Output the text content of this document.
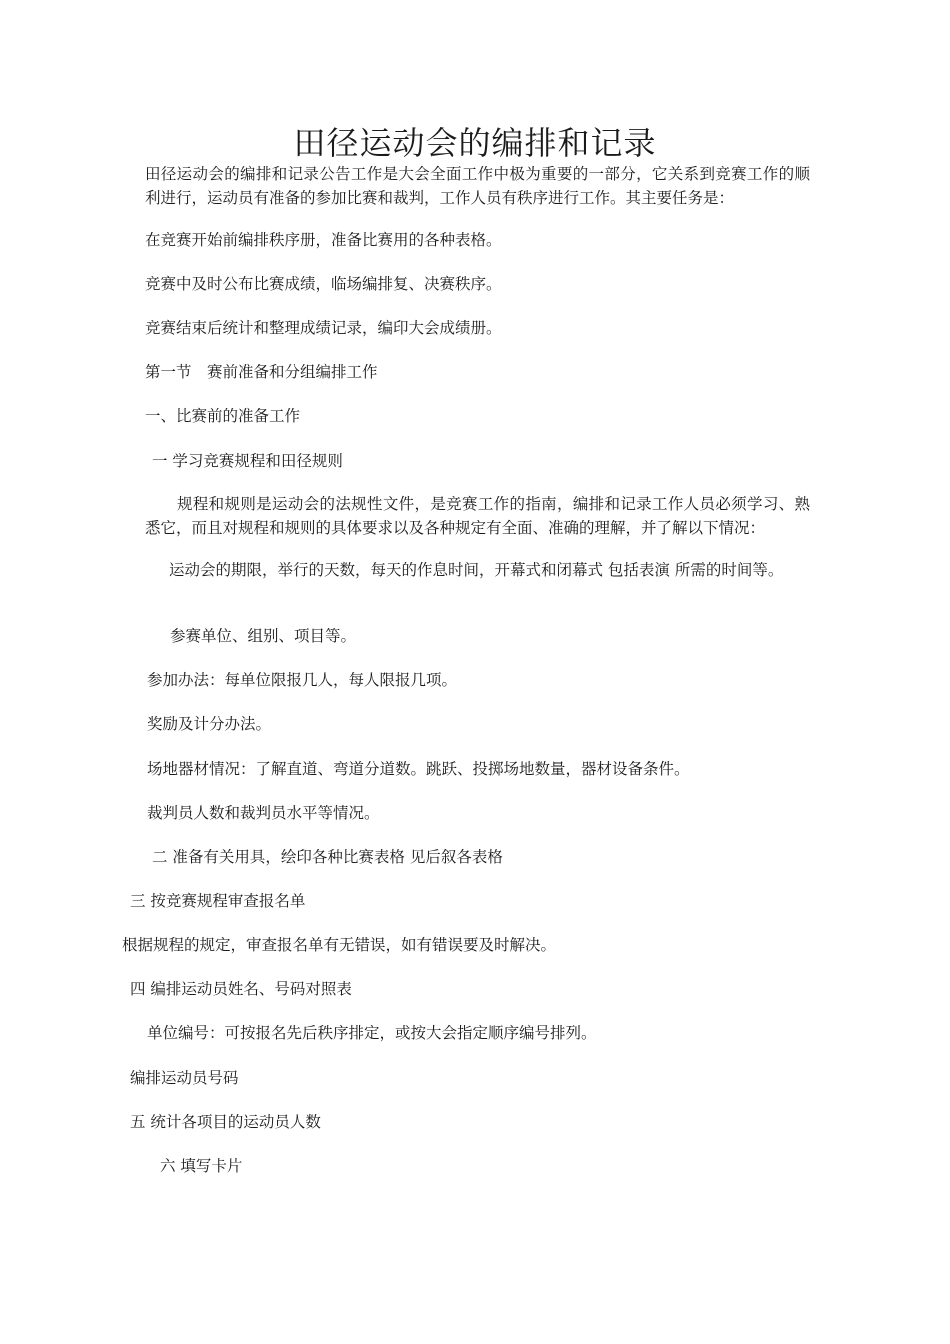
田径运动会的编排和记录

田径运动会的编排和记录公告工作是大会全面工作中极为重要的一部分，它关系到竞赛工作的顺利进行，运动员有准备的参加比赛和裁判，工作人员有秩序进行工作。其主要任务是：

在竞赛开始前编排秩序册，准备比赛用的各种表格。
竞赛中及时公布比赛成绩，临场编排复、决赛秩序。
竞赛结束后统计和整理成绩记录，编印大会成绩册。
第一节　赛前准备和分组编排工作
一、比赛前的准备工作
一 学习竞赛规程和田径规则

规程和规则是运动会的法规性文件，是竞赛工作的指南，编排和记录工作人员必须学习、熟悉它，而且对规程和规则的具体要求以及各种规定有全面、准确的理解，并了解以下情况：

运动会的期限，举行的天数，每天的作息时间，开幕式和闭幕式 包括表演 所需的时间等。

参赛单位、组别、项目等。
参加办法：每单位限报几人，每人限报几项。
奖励及计分办法。
场地器材情况：了解直道、弯道分道数。跳跃、投掷场地数量，器材设备条件。
裁判员人数和裁判员水平等情况。
二 准备有关用具，绘印各种比赛表格 见后叙各表格
三 按竞赛规程审查报名单
根据规程的规定，审查报名单有无错误，如有错误要及时解决。
四 编排运动员姓名、号码对照表
单位编号：可按报名先后秩序排定，或按大会指定顺序编号排列。
编排运动员号码
五 统计各项目的运动员人数
六 填写卡片
